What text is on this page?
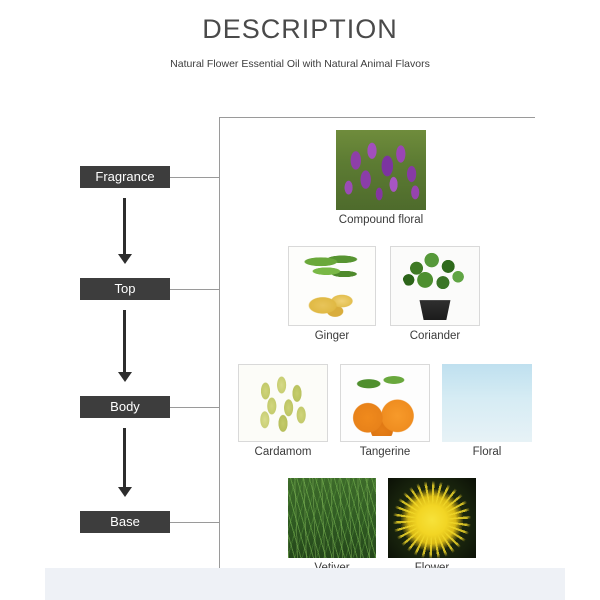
DESCRIPTION
Natural Flower Essential Oil with Natural Animal Flavors
Fragrance
Top
Body
Base
Compound floral
Ginger	Coriander
Cardamom	Tangerine	Floral
